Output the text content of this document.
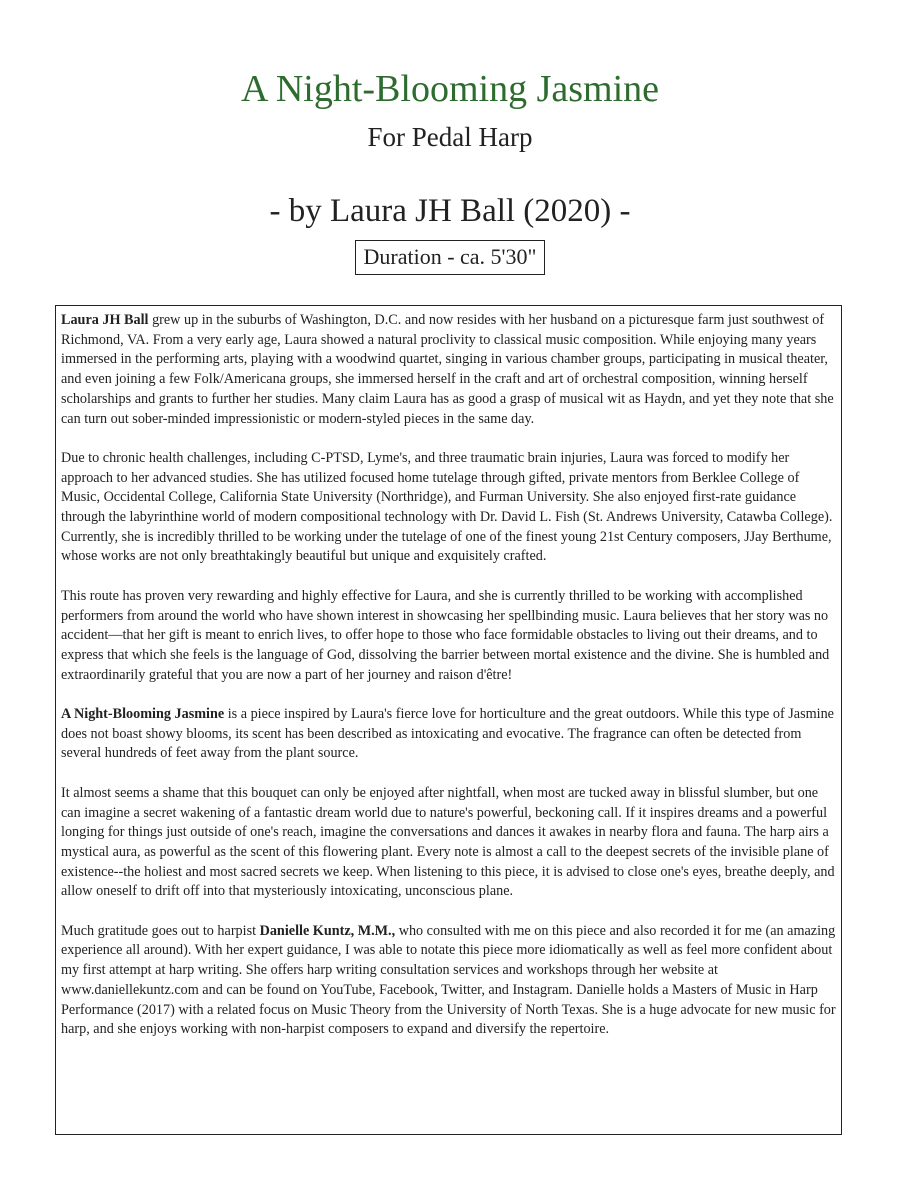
A Night-Blooming Jasmine
For Pedal Harp
- by Laura JH Ball (2020) -
Duration - ca. 5'30"

Laura JH Ball grew up in the suburbs of Washington, D.C. and now resides with her husband on a picturesque farm just southwest of Richmond, VA. From a very early age, Laura showed a natural proclivity to classical music composition. While enjoying many years immersed in the performing arts, playing with a woodwind quartet, singing in various chamber groups, participating in musical theater, and even joining a few Folk/Americana groups, she immersed herself in the craft and art of orchestral composition, winning herself scholarships and grants to further her studies. Many claim Laura has as good a grasp of musical wit as Haydn, and yet they note that she can turn out sober-minded impressionistic or modern-styled pieces in the same day.

Due to chronic health challenges, including C-PTSD, Lyme's, and three traumatic brain injuries, Laura was forced to modify her approach to her advanced studies. She has utilized focused home tutelage through gifted, private mentors from Berklee College of Music, Occidental College, California State University (Northridge), and Furman University. She also enjoyed first-rate guidance through the labyrinthine world of modern compositional technology with Dr. David L. Fish (St. Andrews University, Catawba College). Currently, she is incredibly thrilled to be working under the tutelage of one of the finest young 21st Century composers, JJay Berthume, whose works are not only breathtakingly beautiful but unique and exquisitely crafted.

This route has proven very rewarding and highly effective for Laura, and she is currently thrilled to be working with accomplished performers from around the world who have shown interest in showcasing her spellbinding music. Laura believes that her story was no accident—that her gift is meant to enrich lives, to offer hope to those who face formidable obstacles to living out their dreams, and to express that which she feels is the language of God, dissolving the barrier between mortal existence and the divine. She is humbled and extraordinarily grateful that you are now a part of her journey and raison d'être!

A Night-Blooming Jasmine is a piece inspired by Laura's fierce love for horticulture and the great outdoors. While this type of Jasmine does not boast showy blooms, its scent has been described as intoxicating and evocative. The fragrance can often be detected from several hundreds of feet away from the plant source.

It almost seems a shame that this bouquet can only be enjoyed after nightfall, when most are tucked away in blissful slumber, but one can imagine a secret wakening of a fantastic dream world due to nature's powerful, beckoning call. If it inspires dreams and a powerful longing for things just outside of one's reach, imagine the conversations and dances it awakes in nearby flora and fauna. The harp airs a mystical aura, as powerful as the scent of this flowering plant. Every note is almost a call to the deepest secrets of the invisible plane of existence--the holiest and most sacred secrets we keep. When listening to this piece, it is advised to close one's eyes, breathe deeply, and allow oneself to drift off into that mysteriously intoxicating, unconscious plane.

Much gratitude goes out to harpist Danielle Kuntz, M.M., who consulted with me on this piece and also recorded it for me (an amazing experience all around). With her expert guidance, I was able to notate this piece more idiomatically as well as feel more confident about my first attempt at harp writing. She offers harp writing consultation services and workshops through her website at www.daniellekuntz.com and can be found on YouTube, Facebook, Twitter, and Instagram. Danielle holds a Masters of Music in Harp Performance (2017) with a related focus on Music Theory from the University of North Texas. She is a huge advocate for new music for harp, and she enjoys working with non-harpist composers to expand and diversify the repertoire.
